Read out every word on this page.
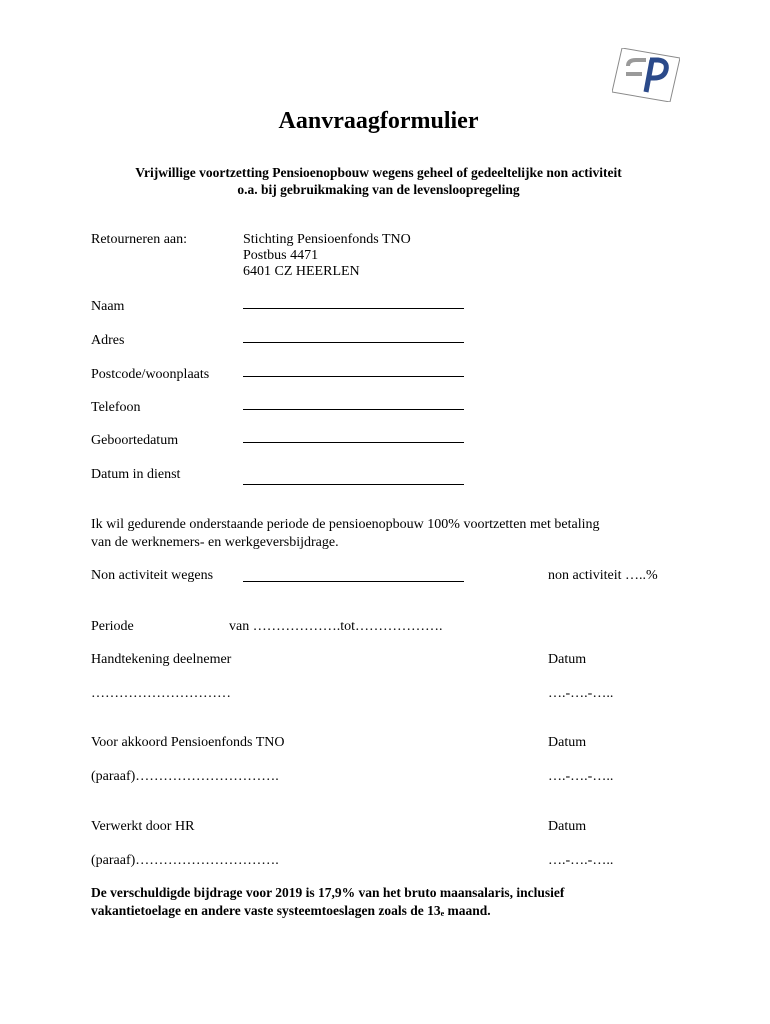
Aanvraagformulier
Vrijwillige voortzetting Pensioenopbouw wegens geheel of gedeeltelijke non activiteit
o.a. bij gebruikmaking van de levensloopregeling
Retourneren aan:	Stichting Pensioenfonds TNO
Postbus 4471
6401 CZ HEERLEN
Naam
Adres
Postcode/woonplaats
Telefoon
Geboortedatum
Datum in dienst
Ik wil gedurende onderstaande periode de pensioenopbouw 100% voortzetten met betaling
van de werknemers- en werkgeversbijdrage.
Non activiteit wegens	non activiteit …..%
Periode	van ……………….tot……………….
Handtekening deelnemer	Datum
…………………………	….-….-…..
Voor akkoord Pensioenfonds TNO	Datum
(paraaf)………………………….	….-….-…..
Verwerkt door HR	Datum
(paraaf)………………………….	….-….-…..
De verschuldigde bijdrage voor 2019 is 17,9% van het bruto maansalaris, inclusief
vakantietoelage en andere vaste systeemtoeslagen zoals de $13_e$ maand.
